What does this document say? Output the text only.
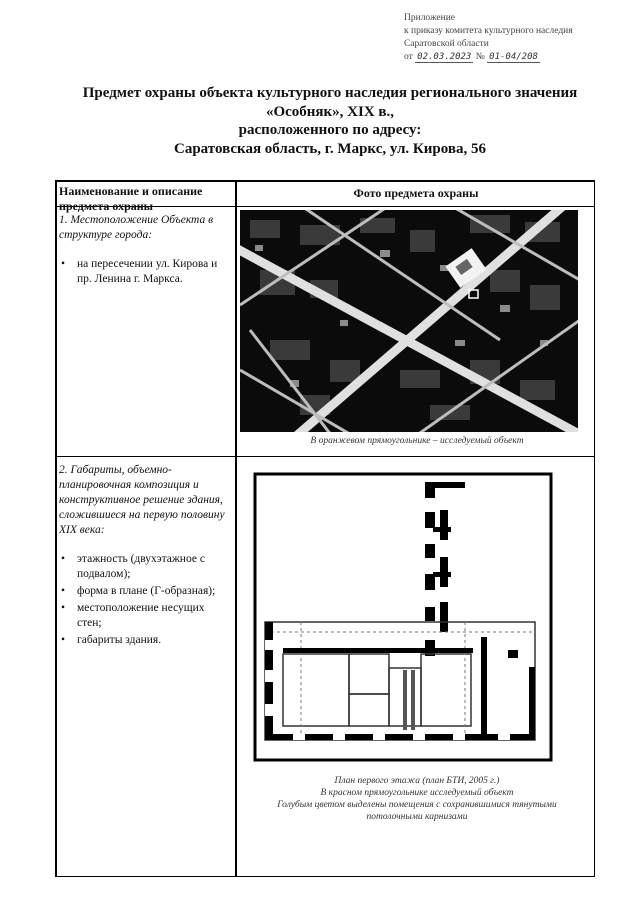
Приложение
к приказу комитета культурного наследия
Саратовской области
от 02.03.2023 № 01-04/208
Предмет охраны объекта культурного наследия регионального значения
«Особняк», XIX в.,
расположенного по адресу:
Саратовская область, г. Маркс, ул. Кирова, 56
Наименование и описание предмета охраны
Фото предмета охраны
1. Местоположение Объекта в структуре города:
• на пересечении ул. Кирова и пр. Ленина г. Маркса.
В оранжевом прямоугольнике – исследуемый объект
2. Габариты, объемно-планировочная композиция и конструктивное решение здания, сложившиеся на первую половину XIX века:
• этажность (двухэтажное с подвалом);
• форма в плане (Г-образная);
• местоположение несущих стен;
• габариты здания.
План первого этажа (план БТИ, 2005 г.)
В красном прямоугольнике исследуемый объект
Голубым цветом выделены помещения с сохранившимися тянутыми
потолочными карнизами
